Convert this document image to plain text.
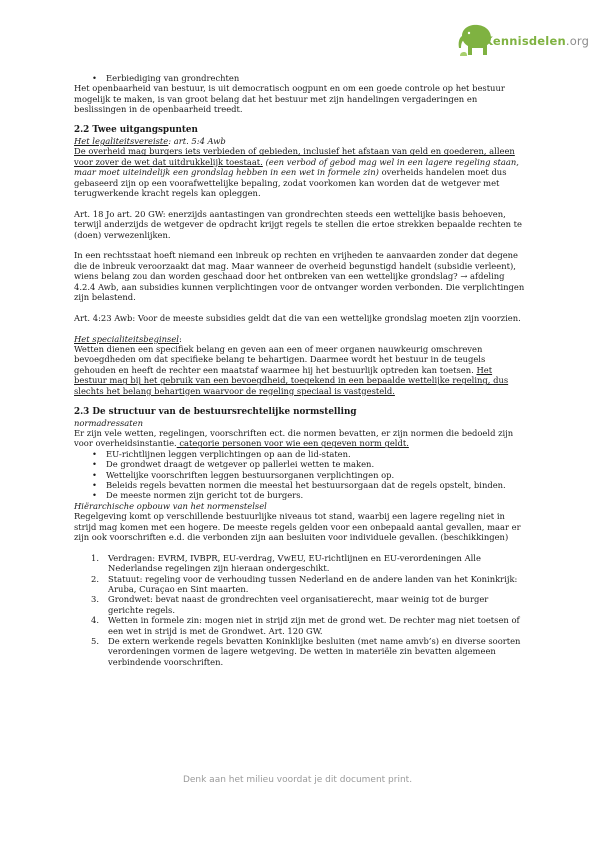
Kennisdelen.org
• Eerbiediging van grondrechten

Het openbaarheid van bestuur, is uit democratisch oogpunt en om een goede controle op het bestuur mogelijk te maken, is van groot belang dat het bestuur met zijn handelingen vergaderingen en beslissingen in de openbaarheid treedt.

2.2 Twee uitgangspunten

Het legaliteitsvereiste: art. 5:4 Awb

De overheid mag burgers iets verbieden of gebieden, inclusief het afstaan van geld en goederen, alleen voor zover de wet dat uitdrukkelijk toestaat. (een verbod of gebod mag wel in een lagere regeling staan, maar moet uiteindelijk een grondslag hebben in een wet in formele zin) overheids handelen moet dus gebaseerd zijn op een voorafwettelijke bepaling, zodat voorkomen kan worden dat de wetgever met terugwerkende kracht regels kan opleggen.

Art. 18 Jo art. 20 GW: enerzijds aantastingen van grondrechten steeds een wettelijke basis behoeven, terwijl anderzijds de wetgever de opdracht krijgt regels te stellen die ertoe strekken bepaalde rechten te (doen) verwezenlijken.

In een rechtsstaat hoeft niemand een inbreuk op rechten en vrijheden te aanvaarden zonder dat degene die de inbreuk veroorzaakt dat mag. Maar wanneer de overheid begunstigd handelt (subsidie verleent), wiens belang zou dan worden geschaad door het ontbreken van een wettelijke grondslag? → afdeling 4.2.4 Awb, aan subsidies kunnen verplichtingen voor de ontvanger worden verbonden. Die verplichtingen zijn belastend.

Art. 4:23 Awb: Voor de meeste subsidies geldt dat die van een wettelijke grondslag moeten zijn voorzien.

Het specialiteitsbeginsel:

Wetten dienen een specifiek belang en geven aan een of meer organen nauwkeurig omschreven bevoegdheden om dat specifieke belang te behartigen. Daarmee wordt het bestuur in de teugels gehouden en heeft de rechter een maatstaf waarmee hij het bestuurlijk optreden kan toetsen. Het bestuur mag bij het gebruik van een bevoegdheid, toegekend in een bepaalde wettelijke regeling, dus slechts het belang behartigen waarvoor de regeling speciaal is vastgesteld.

2.3 De structuur van de bestuursrechtelijke normstelling

normadressaten

Er zijn vele wetten, regelingen, voorschriften ect. die normen bevatten, er zijn normen die bedoeld zijn voor overheidsinstantie. categorie personen voor wie een gegeven norm geldt.

• EU-richtlijnen leggen verplichtingen op aan de lid-staten.
• De grondwet draagt de wetgever op pallerlei wetten te maken.
• Wettelijke voorschriften leggen bestuursorganen verplichtingen op.
• Beleids regels bevatten normen die meestal het bestuursorgaan dat de regels opstelt, binden.
• De meeste normen zijn gericht tot de burgers.

Hiërarchische opbouw van het normenstelsel

Regelgeving komt op verschillende bestuurlijke niveaus tot stand, waarbij een lagere regeling niet in strijd mag komen met een hogere. De meeste regels gelden voor een onbepaald aantal gevallen, maar er zijn ook voorschriften e.d. die verbonden zijn aan besluiten voor individuele gevallen. (beschikkingen)

1. Verdragen: EVRM, IVBPR, EU-verdrag, VwEU, EU-richtlijnen en EU-verordeningen Alle Nederlandse regelingen zijn hieraan ondergeschikt.
2. Statuut: regeling voor de verhouding tussen Nederland en de andere landen van het Koninkrijk: Aruba, Curaçao en Sint maarten.
3. Grondwet: bevat naast de grondrechten veel organisatierecht, maar weinig tot de burger gerichte regels.
4. Wetten in formele zin: mogen niet in strijd zijn met de grond wet. De rechter mag niet toetsen of een wet in strijd is met de Grondwet. Art. 120 GW.
5. De extern werkende regels bevatten Koninklijke besluiten (met name amvb’s) en diverse soorten verordeningen vormen de lagere wetgeving. De wetten in materiële zin bevatten algemeen verbindende voorschriften.
Denk aan het milieu voordat je dit document print.
